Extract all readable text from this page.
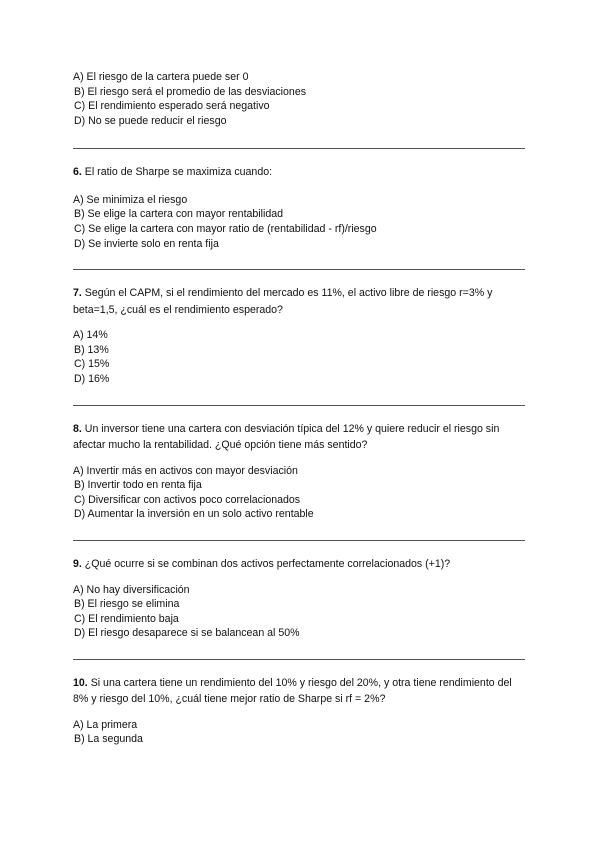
A) El riesgo de la cartera puede ser 0
B) El riesgo será el promedio de las desviaciones
C) El rendimiento esperado será negativo
D) No se puede reducir el riesgo
6. El ratio de Sharpe se maximiza cuando:
A) Se minimiza el riesgo
B) Se elige la cartera con mayor rentabilidad
C) Se elige la cartera con mayor ratio de (rentabilidad - rf)/riesgo
D) Se invierte solo en renta fija
7. Según el CAPM, si el rendimiento del mercado es 11%, el activo libre de riesgo r=3% y beta=1,5, ¿cuál es el rendimiento esperado?
A) 14%
B) 13%
C) 15%
D) 16%
8. Un inversor tiene una cartera con desviación típica del 12% y quiere reducir el riesgo sin afectar mucho la rentabilidad. ¿Qué opción tiene más sentido?
A) Invertir más en activos con mayor desviación
B) Invertir todo en renta fija
C) Diversificar con activos poco correlacionados
D) Aumentar la inversión en un solo activo rentable
9. ¿Qué ocurre si se combinan dos activos perfectamente correlacionados (+1)?
A) No hay diversificación
B) El riesgo se elimina
C) El rendimiento baja
D) El riesgo desaparece si se balancean al 50%
10. Si una cartera tiene un rendimiento del 10% y riesgo del 20%, y otra tiene rendimiento del 8% y riesgo del 10%, ¿cuál tiene mejor ratio de Sharpe si rf = 2%?
A) La primera
B) La segunda
